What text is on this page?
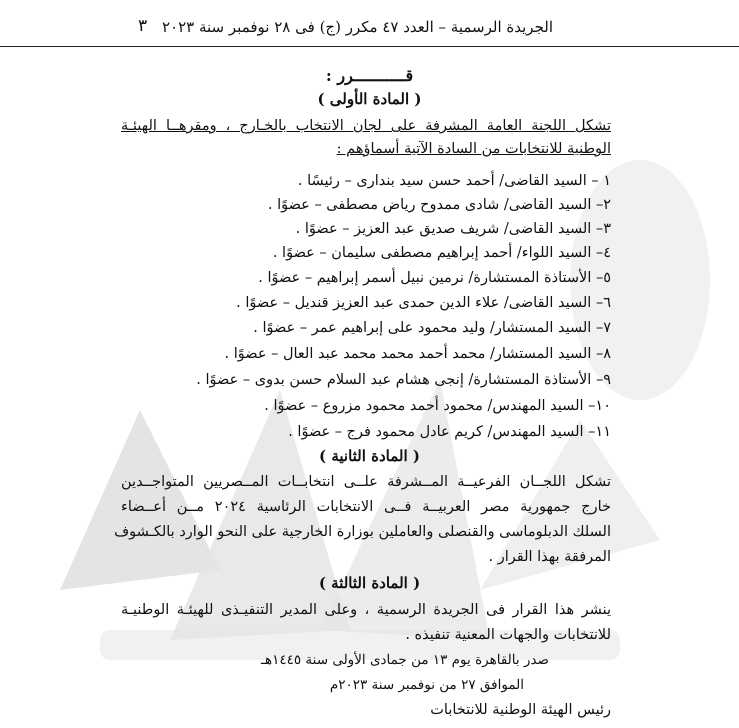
الجريدة الرسمية – العدد ٤٧ مكرر (ج) فى ٢٨ نوفمبر سنة ٢٠٢٣
٣
قـــــــــــرر :
( المادة الأولى )
تشكل اللجنة العامة المشرفة على لجان الانتخاب بالخـارج ، ومقرهــا الهيئـة
الوطنية للانتخابات من السادة الآتية أسماؤهم :
١ – السيد القاضى/ أحمد حسن سيد بندارى – رئيسًا .
٢– السيد القاضى/ شادى ممدوح رياض مصطفى – عضوًا .
٣– السيد القاضى/ شريف صديق عبد العزيز – عضوًا .
٤– السيد اللواء/ أحمد إبراهيم مصطفى سليمان – عضوًا .
٥– الأستاذة المستشارة/ نرمين نبيل أسمر إبراهيم – عضوًا .
٦– السيد القاضى/ علاء الدين حمدى عبد العزيز قنديل – عضوًا .
٧– السيد المستشار/ وليد محمود على إبراهيم عمر – عضوًا .
٨– السيد المستشار/ محمد أحمد محمد محمد عبد العال – عضوًا .
٩– الأستاذة المستشارة/ إنجى هشام عبد السلام حسن بدوى – عضوًا .
١٠– السيد المهندس/ محمود أحمد محمود مزروع – عضوًا .
١١– السيد المهندس/ كريم عادل محمود فرج – عضوًا .
( المادة الثانية )
تشكل اللجــان الفرعيــة المــشرفة علــى انتخابــات المــصريين المتواجــدين
خارج جمهورية مصر العربيــة فــى الانتخابات الرئاسية ٢٠٢٤ مــن أعــضاء
السلك الدبلوماسى والقنصلى والعاملين بوزارة الخارجية على النحو الوارد بالكـشوف
المرفقة بهذا القرار .
( المادة الثالثة )
ينشر هذا القرار فى الجريدة الرسمية ، وعلى المدير التنفيـذى للهيئـة الوطنيـة
للانتخابات والجهات المعنية تنفيذه .
صدر بالقاهرة يوم ١٣ من جمادى الأولى سنة ١٤٤٥هـ
الموافق ٢٧ من نوفمبر سنة ٢٠٢٣م
رئيس الهيئة الوطنية للانتخابات
